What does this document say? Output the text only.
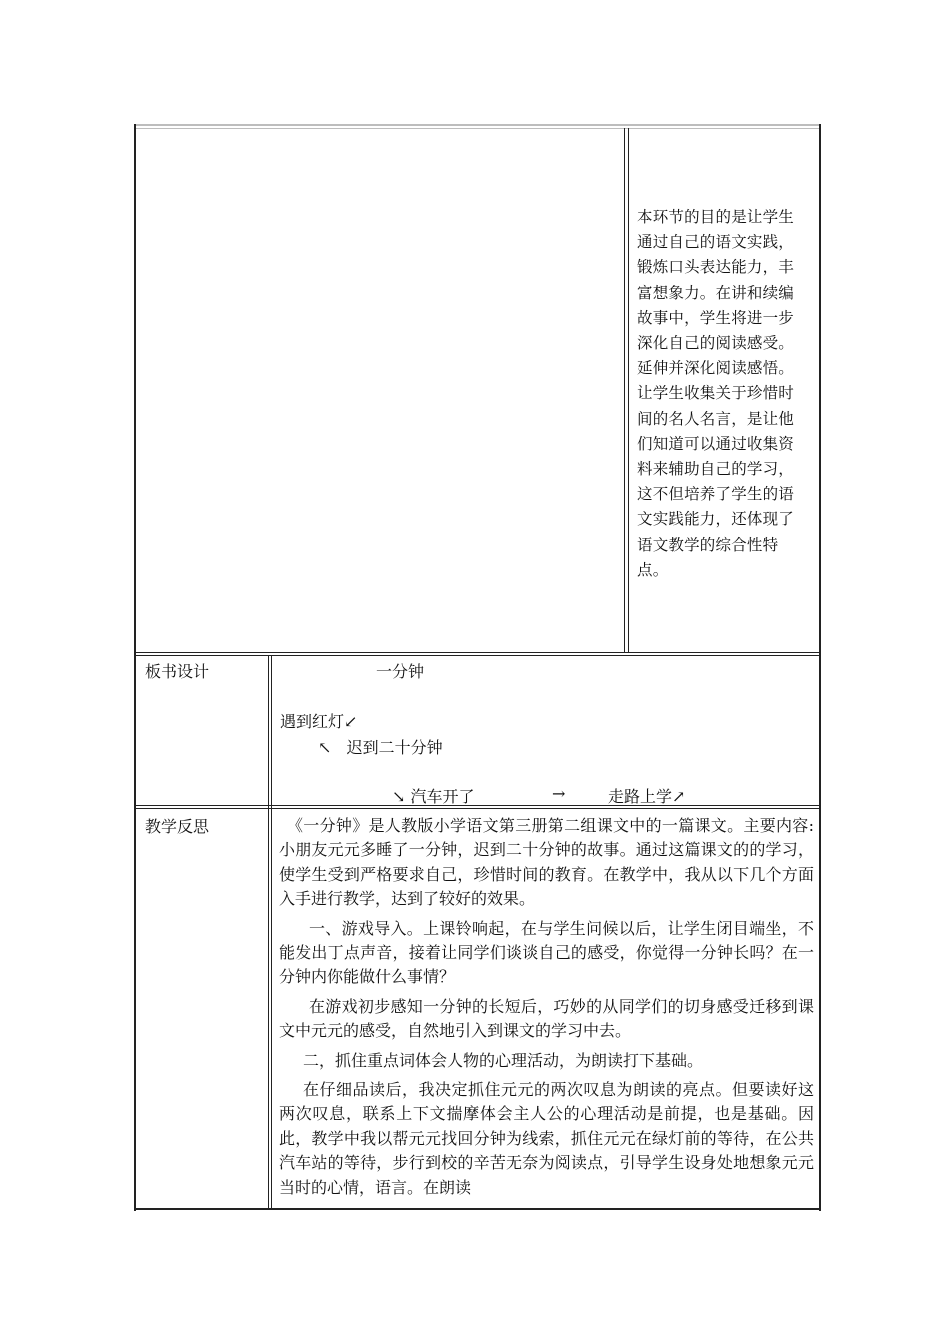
本环节的目的是让学生

通过自己的语文实践，

锻炼口头表达能力，丰

富想象力。在讲和续编

故事中，学生将进一步

深化自己的阅读感受。

延伸并深化阅读感悟。

让学生收集关于珍惜时

间的名人名言，是让他

们知道可以通过收集资

料来辅助自己的学习，

这不但培养了学生的语

文实践能力，还体现了

语文教学的综合性特

点。

板书设计	一分钟
遇到红灯↙
↖   迟到二十分钟
↘ 汽车开了	→	走路上学↗
教学反思	《一分钟》是人教版小学语文第三册第二组课文中的一篇课文。主要内容:小朋友元元多睡了一分钟，迟到二十分钟的故事。通过这篇课文的的学习，使学生受到严格要求自己，珍惜时间的教育。在教学中，我从以下几个方面入手进行教学，达到了较好的效果。

一、游戏导入。上课铃响起，在与学生问候以后，让学生闭目端坐，不能发出丁点声音，接着让同学们谈谈自己的感受，你觉得一分钟长吗？在一分钟内你能做什么事情？

在游戏初步感知一分钟的长短后，巧妙的从同学们的切身感受迁移到课文中元元的感受，自然地引入到课文的学习中去。

二，抓住重点词体会人物的心理活动，为朗读打下基础。

在仔细品读后，我决定抓住元元的两次叹息为朗读的亮点。但要读好这两次叹息，联系上下文揣摩体会主人公的心理活动是前提，也是基础。因此，教学中我以帮元元找回分钟为线索，抓住元元在绿灯前的等待，在公共汽车站的等待，步行到校的辛苦无奈为阅读点，引导学生设身处地想象元元当时的心情，语言。在朗读
